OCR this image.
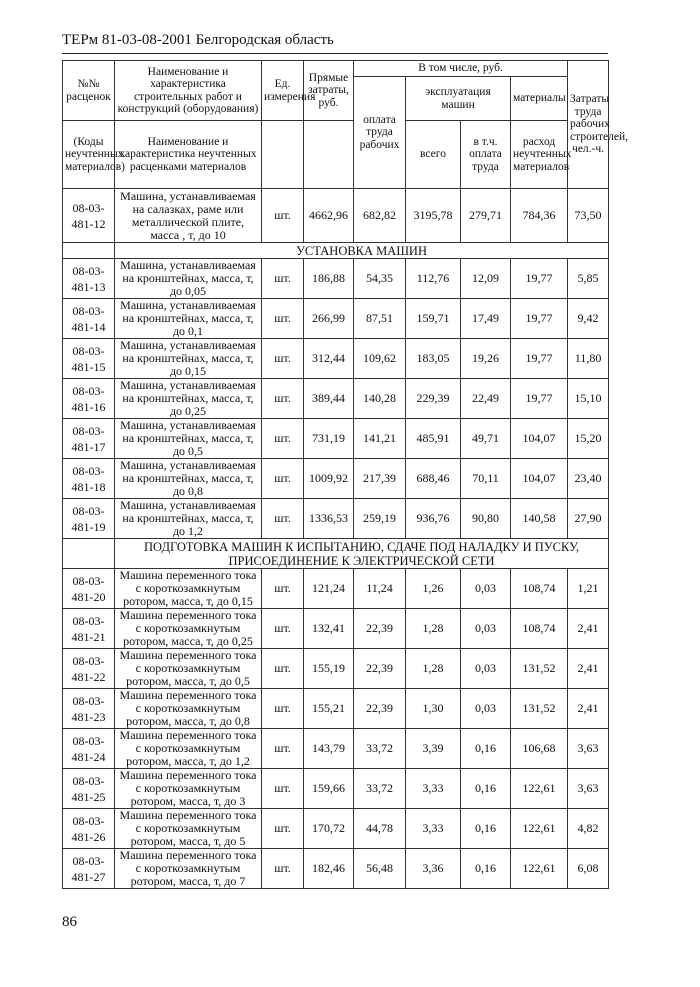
ТЕРм 81-03-08-2001 Белгородская область
№№ расценок	Наименование и характеристика строительных работ и конструкций (оборудования)	Ед. измерения	Прямые затраты, руб.	В том числе, руб.				Затраты труда рабочих строителей, чел.-ч.
				оплата труда рабочих	эксплуатация машин		материалы	
(Коды неучтенных материалов)	Наименование и характеристика неучтенных расценками материалов				всего	в т.ч. оплата труда	расход неучтенных материалов	
08-03-481-12	Машина, устанавливаемая на салазках, раме или металлической плите, масса , т, до 10	шт.	4662,96	682,82	3195,78	279,71	784,36	73,50
	УСТАНОВКА МАШИН							
08-03-481-13	Машина, устанавливаемая на кронштейнах, масса, т, до 0,05	шт.	186,88	54,35	112,76	12,09	19,77	5,85
08-03-481-14	Машина, устанавливаемая на кронштейнах, масса, т, до 0,1	шт.	266,99	87,51	159,71	17,49	19,77	9,42
08-03-481-15	Машина, устанавливаемая на кронштейнах, масса, т, до 0,15	шт.	312,44	109,62	183,05	19,26	19,77	11,80
08-03-481-16	Машина, устанавливаемая на кронштейнах, масса, т, до 0,25	шт.	389,44	140,28	229,39	22,49	19,77	15,10
08-03-481-17	Машина, устанавливаемая на кронштейнах, масса, т, до 0,5	шт.	731,19	141,21	485,91	49,71	104,07	15,20
08-03-481-18	Машина, устанавливаемая на кронштейнах, масса, т, до 0,8	шт.	1009,92	217,39	688,46	70,11	104,07	23,40
08-03-481-19	Машина, устанавливаемая на кронштейнах, масса, т, до 1,2	шт.	1336,53	259,19	936,76	90,80	140,58	27,90
	ПОДГОТОВКА МАШИН К ИСПЫТАНИЮ, СДАЧЕ ПОД НАЛАДКУ И ПУСКУ, ПРИСОЕДИНЕНИЕ К ЭЛЕКТРИЧЕСКОЙ СЕТИ							
08-03-481-20	Машина переменного тока с короткозамкнутым ротором, масса, т, до 0,15	шт.	121,24	11,24	1,26	0,03	108,74	1,21
08-03-481-21	Машина переменного тока с короткозамкнутым ротором, масса, т, до 0,25	шт.	132,41	22,39	1,28	0,03	108,74	2,41
08-03-481-22	Машина переменного тока с короткозамкнутым ротором, масса, т, до 0,5	шт.	155,19	22,39	1,28	0,03	131,52	2,41
08-03-481-23	Машина переменного тока с короткозамкнутым ротором, масса, т, до 0,8	шт.	155,21	22,39	1,30	0,03	131,52	2,41
08-03-481-24	Машина переменного тока с короткозамкнутым ротором, масса, т, до 1,2	шт.	143,79	33,72	3,39	0,16	106,68	3,63
08-03-481-25	Машина переменного тока с короткозамкнутым ротором, масса, т, до 3	шт.	159,66	33,72	3,33	0,16	122,61	3,63
08-03-481-26	Машина переменного тока с короткозамкнутым ротором, масса, т, до 5	шт.	170,72	44,78	3,33	0,16	122,61	4,82
08-03-481-27	Машина переменного тока с короткозамкнутым ротором, масса, т, до 7	шт.	182,46	56,48	3,36	0,16	122,61	6,08
86
